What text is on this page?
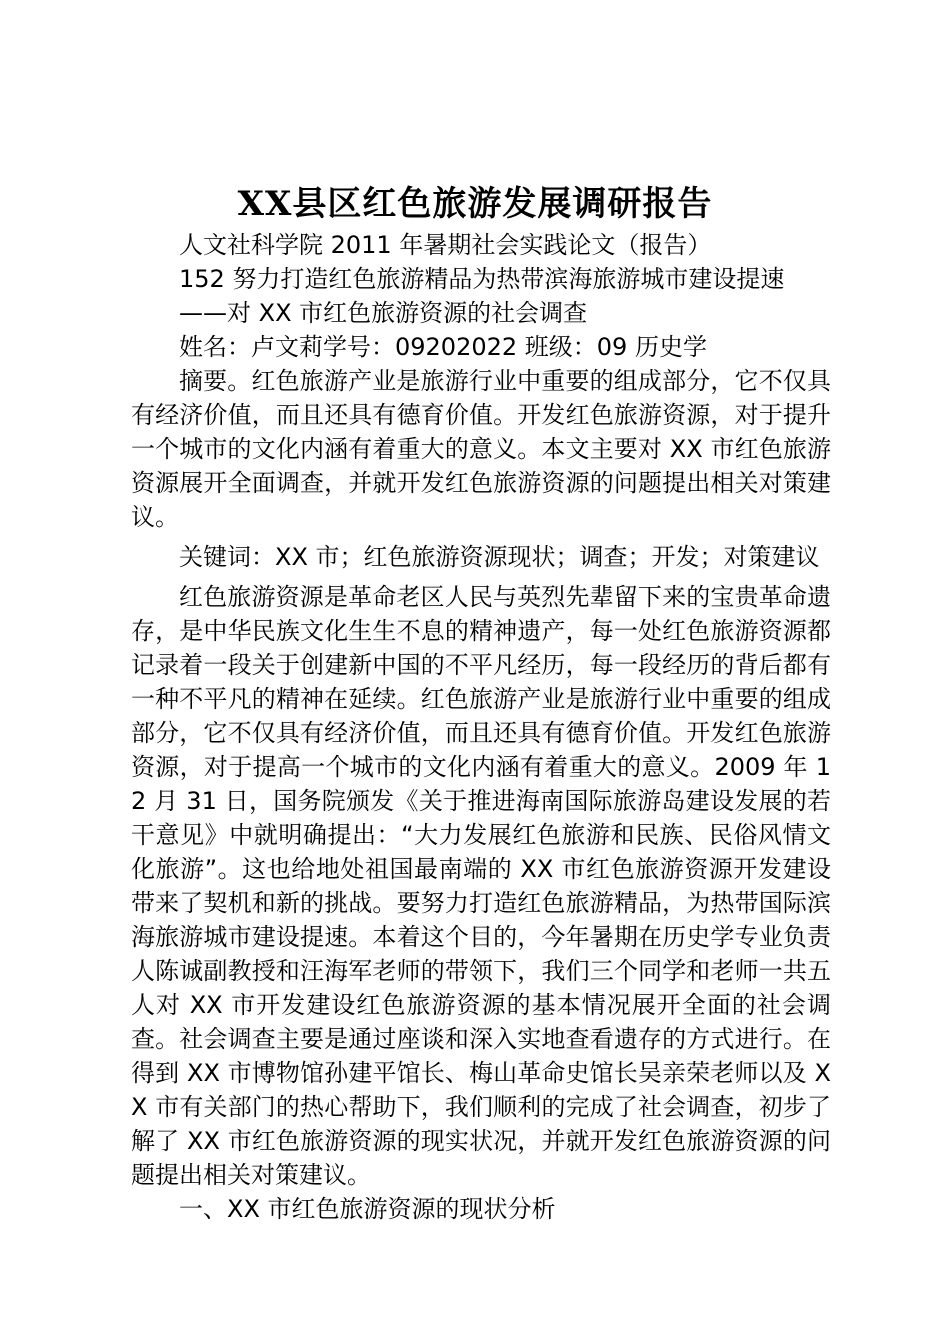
XX县区红色旅游发展调研报告

人文社科学院 2011 年暑期社会实践论文（报告）

152 努力打造红色旅游精品为热带滨海旅游城市建设提速

——对 XX 市红色旅游资源的社会调查

姓名：卢文莉学号：09202022 班级：09 历史学

摘要。红色旅游产业是旅游行业中重要的组成部分，它不仅具有经济价值，而且还具有德育价值。开发红色旅游资源，对于提升一个城市的文化内涵有着重大的意义。本文主要对 XX 市红色旅游资源展开全面调查，并就开发红色旅游资源的问题提出相关对策建议。

关键词：XX 市；红色旅游资源现状；调查；开发；对策建议

红色旅游资源是革命老区人民与英烈先辈留下来的宝贵革命遗存，是中华民族文化生生不息的精神遗产，每一处红色旅游资源都记录着一段关于创建新中国的不平凡经历，每一段经历的背后都有一种不平凡的精神在延续。红色旅游产业是旅游行业中重要的组成部分，它不仅具有经济价值，而且还具有德育价值。开发红色旅游资源，对于提高一个城市的文化内涵有着重大的意义。2009 年 12 月 31 日，国务院颁发《关于推进海南国际旅游岛建设发展的若干意见》中就明确提出：“大力发展红色旅游和民族、民俗风情文化旅游”。这也给地处祖国最南端的 XX 市红色旅游资源开发建设带来了契机和新的挑战。要努力打造红色旅游精品，为热带国际滨海旅游城市建设提速。本着这个目的，今年暑期在历史学专业负责人陈诚副教授和汪海军老师的带领下，我们三个同学和老师一共五人对 XX 市开发建设红色旅游资源的基本情况展开全面的社会调查。社会调查主要是通过座谈和深入实地查看遗存的方式进行。在得到 XX 市博物馆孙建平馆长、梅山革命史馆长吴亲荣老师以及 XX 市有关部门的热心帮助下，我们顺利的完成了社会调查，初步了解了 XX 市红色旅游资源的现实状况，并就开发红色旅游资源的问题提出相关对策建议。

一、XX 市红色旅游资源的现状分析
